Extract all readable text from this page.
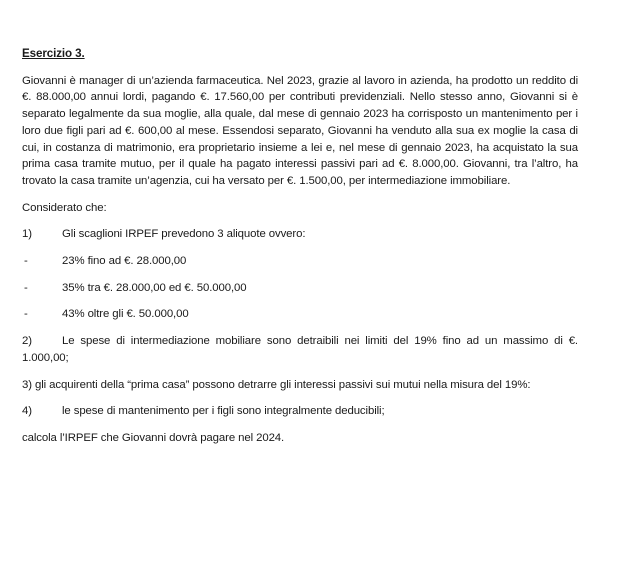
Esercizio 3.
Giovanni è manager di un’azienda farmaceutica. Nel 2023, grazie al lavoro in azienda, ha prodotto un reddito di €. 88.000,00 annui lordi, pagando €. 17.560,00 per contributi previdenziali. Nello stesso anno, Giovanni si è separato legalmente da sua moglie, alla quale, dal mese di gennaio 2023 ha corrisposto un mantenimento per i loro due figli pari ad €. 600,00 al mese. Essendosi separato, Giovanni ha venduto alla sua ex moglie la casa di cui, in costanza di matrimonio, era proprietario insieme a lei e, nel mese di gennaio 2023, ha acquistato la sua prima casa tramite mutuo, per il quale ha pagato interessi passivi pari ad €. 8.000,00. Giovanni, tra l’altro, ha trovato la casa tramite un’agenzia, cui ha versato per €. 1.500,00, per intermediazione immobiliare.
Considerato che:
1)	Gli scaglioni IRPEF prevedono 3 aliquote ovvero:
-	23% fino ad €. 28.000,00
-	35% tra €. 28.000,00 ed €. 50.000,00
-	43% oltre gli €. 50.000,00
2)	Le spese di intermediazione mobiliare sono detraibili nei limiti del 19% fino ad un massimo di €. 1.000,00;
3) gli acquirenti della “prima casa” possono detrarre gli interessi passivi sui mutui nella misura del 19%:
4)	le spese di mantenimento per i figli sono integralmente deducibili;
calcola l’IRPEF che Giovanni dovrà pagare nel 2024.
